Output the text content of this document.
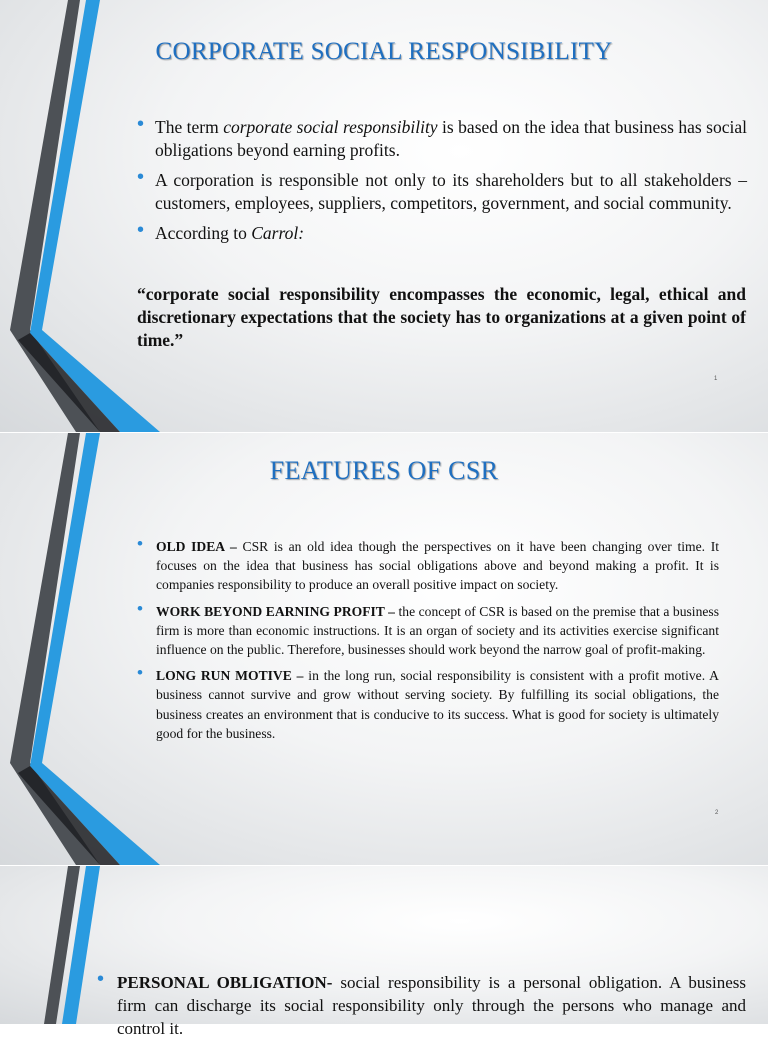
CORPORATE SOCIAL RESPONSIBILITY
• The term corporate social responsibility is based on the idea that business has social obligations beyond earning profits.
• A corporation is responsible not only to its shareholders but to all stakeholders – customers, employees, suppliers, competitors, government, and social community.
• According to Carrol:
“corporate social responsibility encompasses the economic, legal, ethical and discretionary expectations that the society has to organizations at a given point of time.”
1
FEATURES OF CSR
• OLD IDEA – CSR is an old idea though the perspectives on it have been changing over time. It focuses on the idea that business has social obligations above and beyond making a profit. It is companies responsibility to produce an overall positive impact on society.
• WORK BEYOND EARNING PROFIT – the concept of CSR is based on the premise that a business firm is more than economic instructions. It is an organ of society and its activities exercise significant influence on the public. Therefore, businesses should work beyond the narrow goal of profit-making.
• LONG RUN MOTIVE – in the long run, social responsibility is consistent with a profit motive. A business cannot survive and grow without serving society. By fulfilling its social obligations, the business creates an environment that is conducive to its success. What is good for society is ultimately good for the business.
2
• PERSONAL OBLIGATION- social responsibility is a personal obligation. A business firm can discharge its social responsibility only through the persons who manage and control it.
